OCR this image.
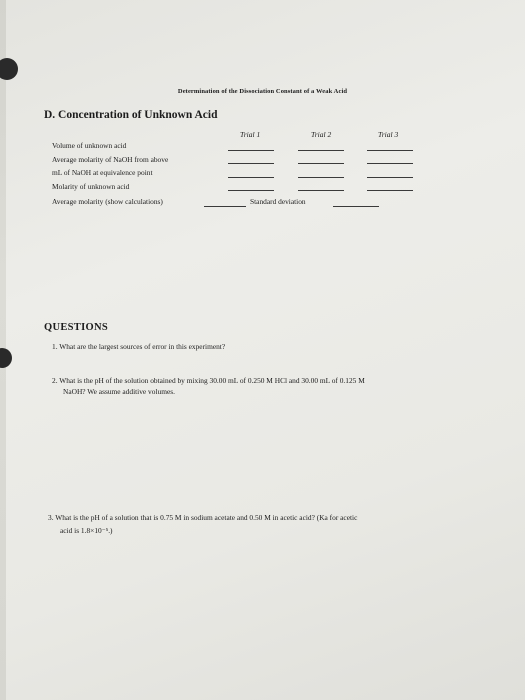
Determination of the Dissociation Constant of a Weak Acid
D. Concentration of Unknown Acid
Trial 1	Trial 2	Trial 3
Volume of unknown acid
Average molarity of NaOH from above
mL of NaOH at equivalence point
Molarity of unknown acid
Average molarity (show calculations)	Standard deviation
QUESTIONS
1. What are the largest sources of error in this experiment?
2. What is the pH of the solution obtained by mixing 30.00 mL of 0.250 M HCl and 30.00 mL of 0.125 M
NaOH? We assume additive volumes.
3. What is the pH of a solution that is 0.75 M in sodium acetate and 0.50 M in acetic acid? (Ka for acetic
acid is 1.8×10⁻⁵.)
